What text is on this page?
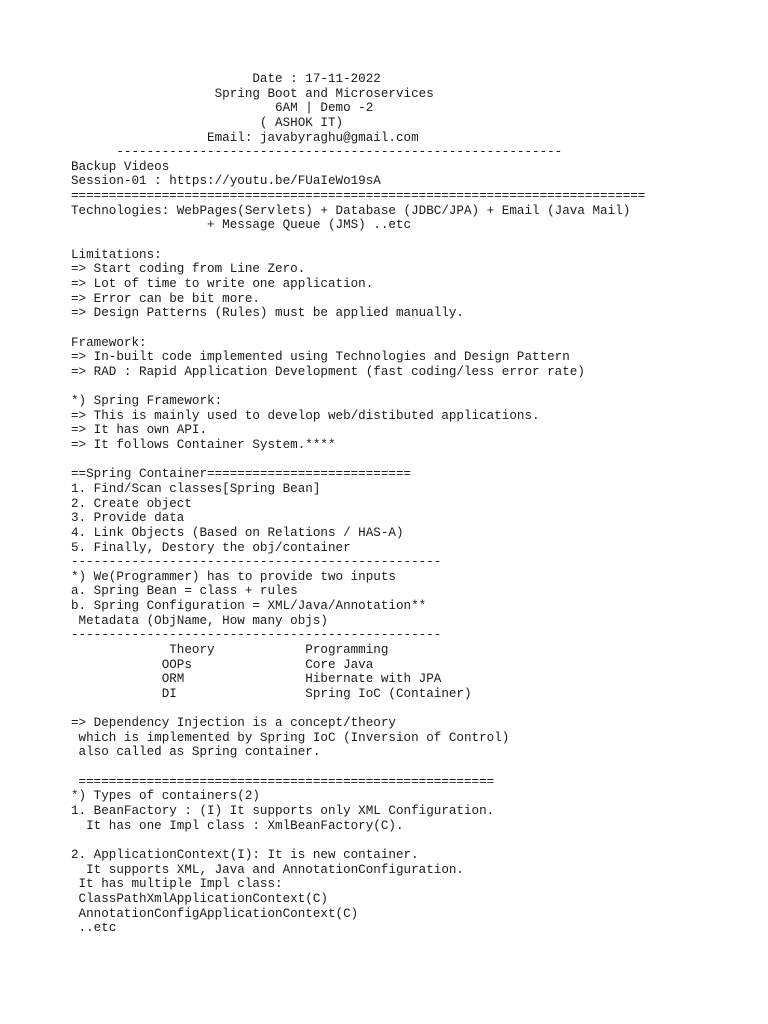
Date : 17-11-2022
Spring Boot and Microservices
6AM | Demo -2
( ASHOK IT)
Email: javabyraghu@gmail.com
-----------------------------------------------------------
Backup Videos
Session-01 : https://youtu.be/FUaIeWo19sA
============================================================================
Technologies: WebPages(Servlets) + Database (JDBC/JPA) + Email (Java Mail)
+ Message Queue (JMS) ..etc
Limitations:
=> Start coding from Line Zero.
=> Lot of time to write one application.
=> Error can be bit more.
=> Design Patterns (Rules) must be applied manually.
Framework:
=> In-built code implemented using Technologies and Design Pattern
=> RAD : Rapid Application Development (fast coding/less error rate)
*) Spring Framework:
=> This is mainly used to develop web/distibuted applications.
=> It has own API.
=> It follows Container System.****
==Spring Container===========================
1. Find/Scan classes[Spring Bean]
2. Create object
3. Provide data
4. Link Objects (Based on Relations / HAS-A)
5. Finally, Destory the obj/container
-------------------------------------------------
*) We(Programmer) has to provide two inputs
a. Spring Bean = class + rules
b. Spring Configuration = XML/Java/Annotation**
Metadata (ObjName, How many objs)
-------------------------------------------------
Theory            Programming
OOPs               Core Java
ORM                Hibernate with JPA
DI                 Spring IoC (Container)
=> Dependency Injection is a concept/theory
which is implemented by Spring IoC (Inversion of Control)
also called as Spring container.
=======================================================
*) Types of containers(2)
1. BeanFactory : (I) It supports only XML Configuration.
It has one Impl class : XmlBeanFactory(C).
2. ApplicationContext(I): It is new container.
It supports XML, Java and AnnotationConfiguration.
It has multiple Impl class:
ClassPathXmlApplicationContext(C)
AnnotationConfigApplicationContext(C)
..etc
